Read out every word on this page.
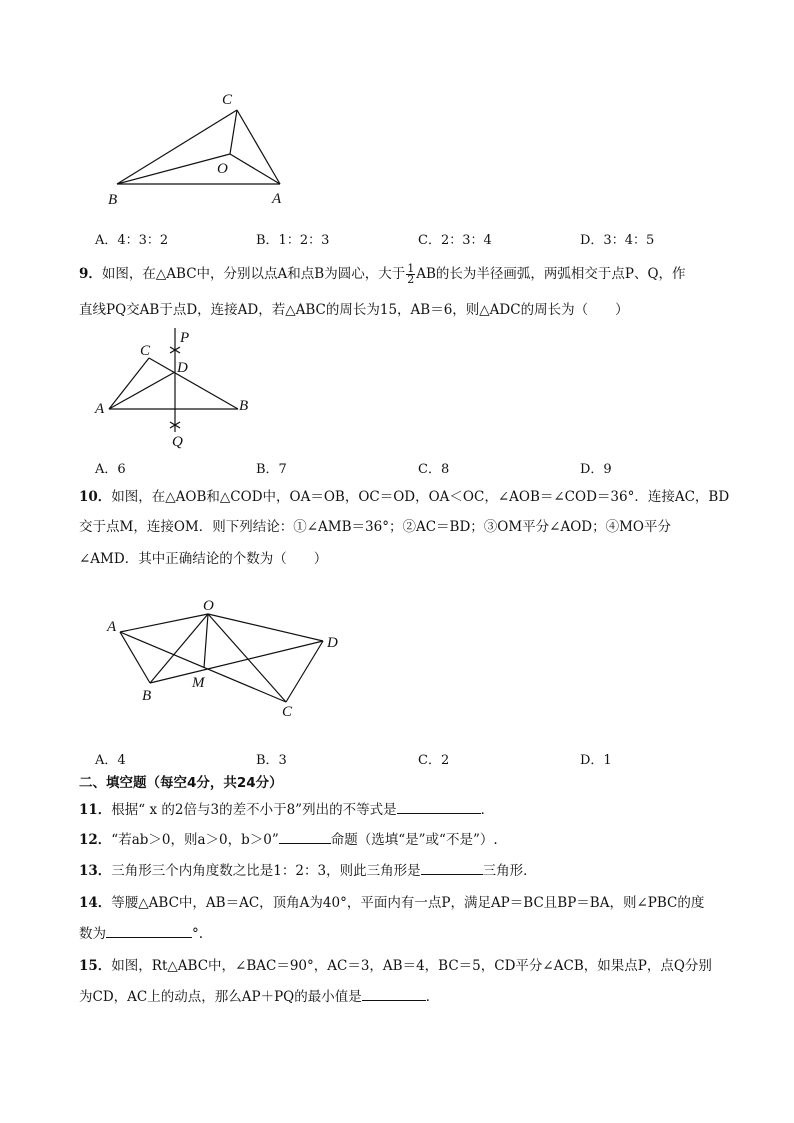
C
O
B	A
A．4：3：2	B．1：2：3	C．2：3：4	D．3：4：5
9．如图，在△ABC中，分别以点A和点B为圆心，大于 $\frac{1}{2}$ AB的长为半径画弧，两弧相交于点P、Q，作
直线PQ交AB于点D，连接AD，若△ABC的周长为15，AB＝6，则△ADC的周长为（　　）
C
P
D
A	B
Q
A．6	B．7	C．8	D．9
10．如图，在△AOB和△COD中，OA＝OB，OC＝OD，OA＜OC，∠AOB＝∠COD＝36°．连接AC，BD
交于点M，连接OM．则下列结论：①∠AMB＝36°；②AC＝BD；③OM平分∠AOD；④MO平分
∠AMD．其中正确结论的个数为（　　）
O
A
D
M
B
C
A．4	B．3	C．2	D．1
二、填空题（每空4分，共24分）
11．根据“ x 的2倍与3的差不小于8”列出的不等式是	．
12．“若ab＞0，则a＞0，b＞0”	命题（选填“是”或“不是”）.
13．三角形三个内角度数之比是1：2：3，则此三角形是	三角形．
14．等腰△ABC中，AB＝AC，顶角A为40°，平面内有一点P，满足AP＝BC且BP＝BA，则∠PBC的度
数为	°.
15．如图，Rt△ABC中，∠BAC＝90°，AC＝3，AB＝4，BC＝5，CD平分∠ACB，如果点P，点Q分别
为CD，AC上的动点，那么AP＋PQ的最小值是	．
